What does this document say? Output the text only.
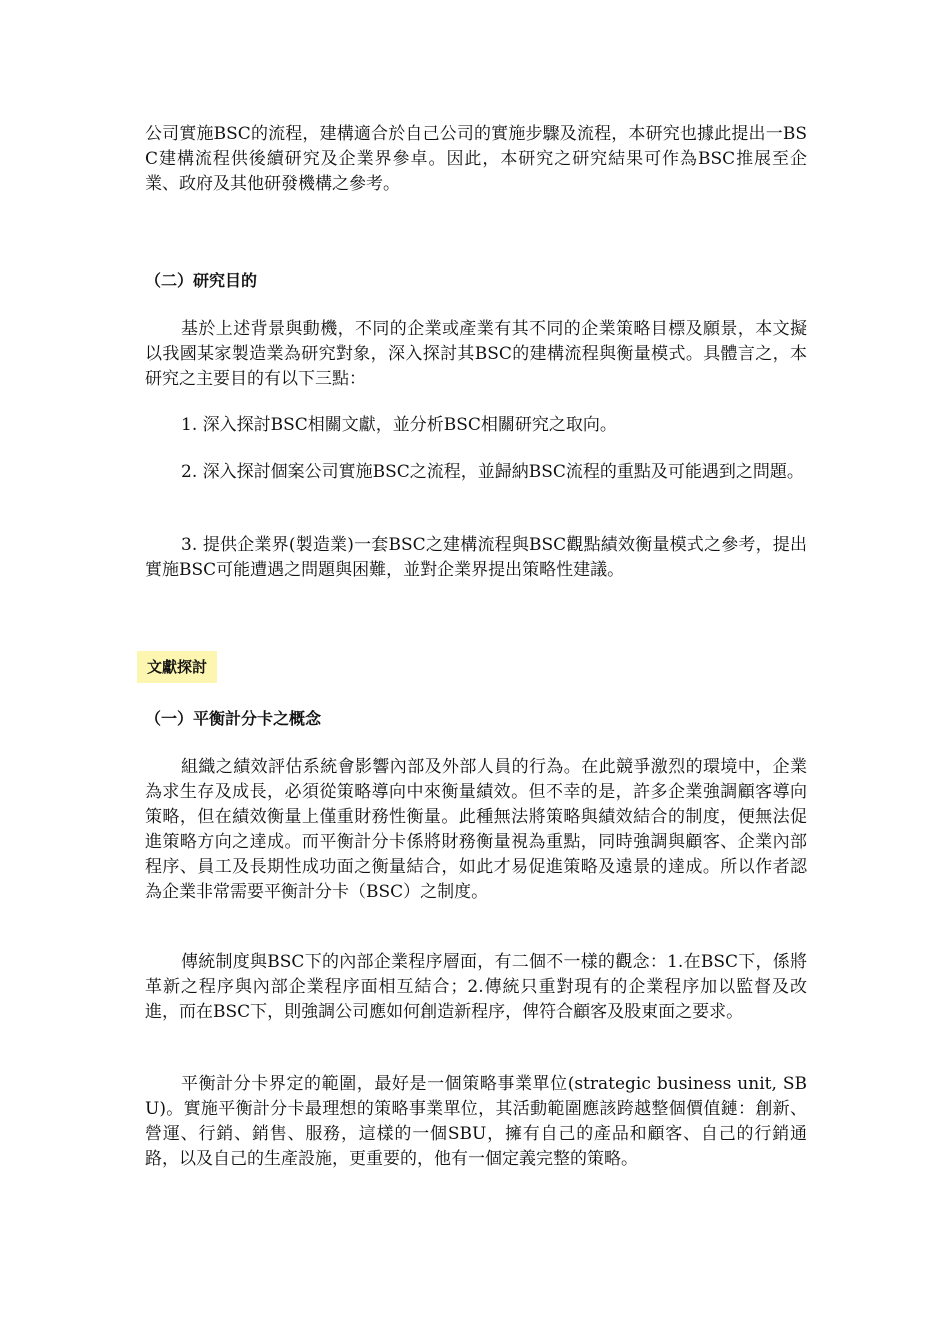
公司實施BSC的流程，建構適合於自己公司的實施步驟及流程，本研究也據此提出一BSC建構流程供後續研究及企業界參卓。因此，本研究之研究結果可作為BSC推展至企業、政府及其他研發機構之參考。

（二）研究目的

基於上述背景與動機，不同的企業或產業有其不同的企業策略目標及願景，本文擬以我國某家製造業為研究對象，深入探討其BSC的建構流程與衡量模式。具體言之，本研究之主要目的有以下三點：

1. 深入探討BSC相關文獻，並分析BSC相關研究之取向。

2. 深入探討個案公司實施BSC之流程，並歸納BSC流程的重點及可能遇到之問題。

3. 提供企業界(製造業)一套BSC之建構流程與BSC觀點績效衡量模式之參考，提出實施BSC可能遭遇之問題與困難，並對企業界提出策略性建議。

文獻探討
（一）平衡計分卡之概念

組織之績效評估系統會影響內部及外部人員的行為。在此競爭激烈的環境中，企業為求生存及成長，必須從策略導向中來衡量績效。但不幸的是，許多企業強調顧客導向策略，但在績效衡量上僅重財務性衡量。此種無法將策略與績效結合的制度，便無法促進策略方向之達成。而平衡計分卡係將財務衡量視為重點，同時強調與顧客、企業內部程序、員工及長期性成功面之衡量結合，如此才易促進策略及遠景的達成。所以作者認為企業非常需要平衡計分卡（BSC）之制度。

傳統制度與BSC下的內部企業程序層面，有二個不一樣的觀念：1.在BSC下，係將革新之程序與內部企業程序面相互結合；2.傳統只重對現有的企業程序加以監督及改進，而在BSC下，則強調公司應如何創造新程序，俾符合顧客及股東面之要求。

平衡計分卡界定的範圍，最好是一個策略事業單位(strategic business unit, SBU)。實施平衡計分卡最理想的策略事業單位，其活動範圍應該跨越整個價值鏈：創新、營運、行銷、銷售、服務，這樣的一個SBU，擁有自己的產品和顧客、自己的行銷通路，以及自己的生產設施，更重要的，他有一個定義完整的策略。
